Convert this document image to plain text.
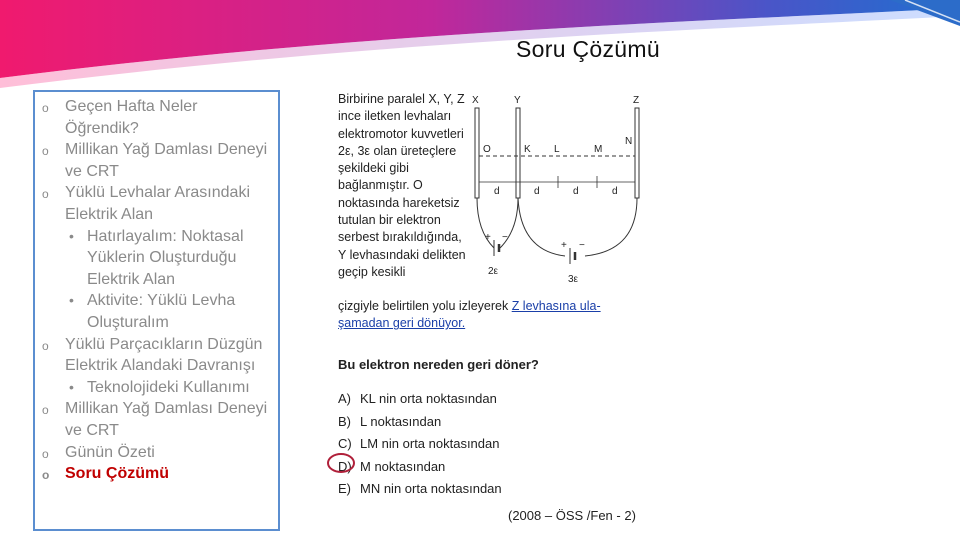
Soru Çözümü
o Geçen Hafta Neler Öğrendik?
o Millikan Yağ Damlası Deneyi ve CRT
o Yüklü Levhalar Arasındaki Elektrik Alan
• Hatırlayalım: Noktasal Yüklerin Oluşturduğu Elektrik Alan
• Aktivite: Yüklü Levha Oluşturalım
o Yüklü Parçacıkların Düzgün Elektrik Alandaki Davranışı
• Teknolojideki Kullanımı
o Millikan Yağ Damlası Deneyi ve CRT
o Günün Özeti
o Soru Çözümü
Birbirine paralel X, Y, Z ince iletken levhaları elektromotor kuvvetleri 2ε, 3ε olan üreteçlere şekildeki gibi bağlanmıştır. O noktasında hareketsiz tutulan bir elektron serbest bırakıldığında, Y levhasındaki delikten geçip kesikli
X	Y	Z
O	K L	M
N
d	d	d	d
+ −
2ε
+ −
3ε
çizgiyle belirtilen yolu izleyerek Z levhasına ula-
şamadan geri dönüyor.
Bu elektron nereden geri döner?
A) KL nin orta noktasından
B) L noktasından
C) LM nin orta noktasından
D) M noktasından
E) MN nin orta noktasından
(2008 – ÖSS /Fen - 2)
